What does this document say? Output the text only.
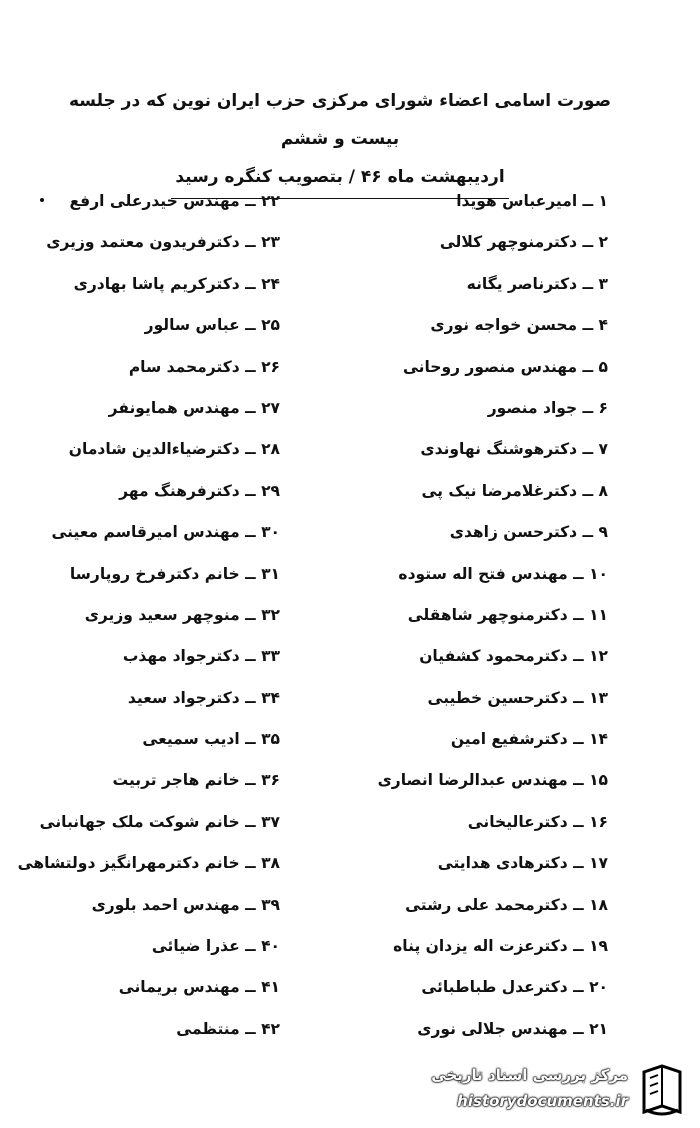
صورت اسامی اعضاء شورای مرکزی حزب ایران نوین که در جلسه بیست و ششم
اردیبهشت ماه ۴۶ / بتصویب کنگره رسید
۱ ــ امیرعباس هویدا
۲ ــ دکترمنوچهر کلالی
۳ ــ دکترناصر یگانه
۴ ــ محسن خواجه نوری
۵ ــ مهندس منصور روحانی
۶ ــ جواد منصور
۷ ــ دکترهوشنگ نهاوندی
۸ ــ دکترغلامرضا نیک پی
۹ ــ دکترحسن زاهدی
۱۰ ــ مهندس فتح اله ستوده
۱۱ ــ دکترمنوچهر شاهقلی
۱۲ ــ دکترمحمود کشفیان
۱۳ ــ دکترحسین خطیبی
۱۴ ــ دکترشفیع امین
۱۵ ــ مهندس عبدالرضا انصاری
۱۶ ــ دکترعالیخانی
۱۷ ــ دکترهادی هدایتی
۱۸ ــ دکترمحمد علی رشتی
۱۹ ــ دکترعزت اله یزدان پناه
۲۰ ــ دکترعدل طباطبائی
۲۱ ــ مهندس جلالی نوری
۲۲ ــ مهندس حیدرعلی ارفع
۲۳ ــ دکترفریدون معتمد وزیری
۲۴ ــ دکترکریم پاشا بهادری
۲۵ ــ عباس سالور
۲۶ ــ دکترمحمد سام
۲۷ ــ مهندس همایونفر
۲۸ ــ دکترضیاءالدین شادمان
۲۹ ــ دکترفرهنگ مهر
۳۰ ــ مهندس امیرقاسم معینی
۳۱ ــ خانم دکترفرخ روپارسا
۳۲ ــ منوچهر سعید وزیری
۳۳ ــ دکترجواد مهذب
۳۴ ــ دکترجواد سعید
۳۵ ــ ادیب سمیعی
۳۶ ــ خانم هاجر تربیت
۳۷ ــ خانم شوکت ملک جهانبانی
۳۸ ــ خانم دکترمهرانگیز دولتشاهی
۳۹ ــ مهندس احمد بلوری
۴۰ ــ عذرا ضیائی
۴۱ ــ مهندس بریمانی
۴۲ ــ منتظمی
مرکز بررسی اسناد تاریخی
historydocuments.ir
